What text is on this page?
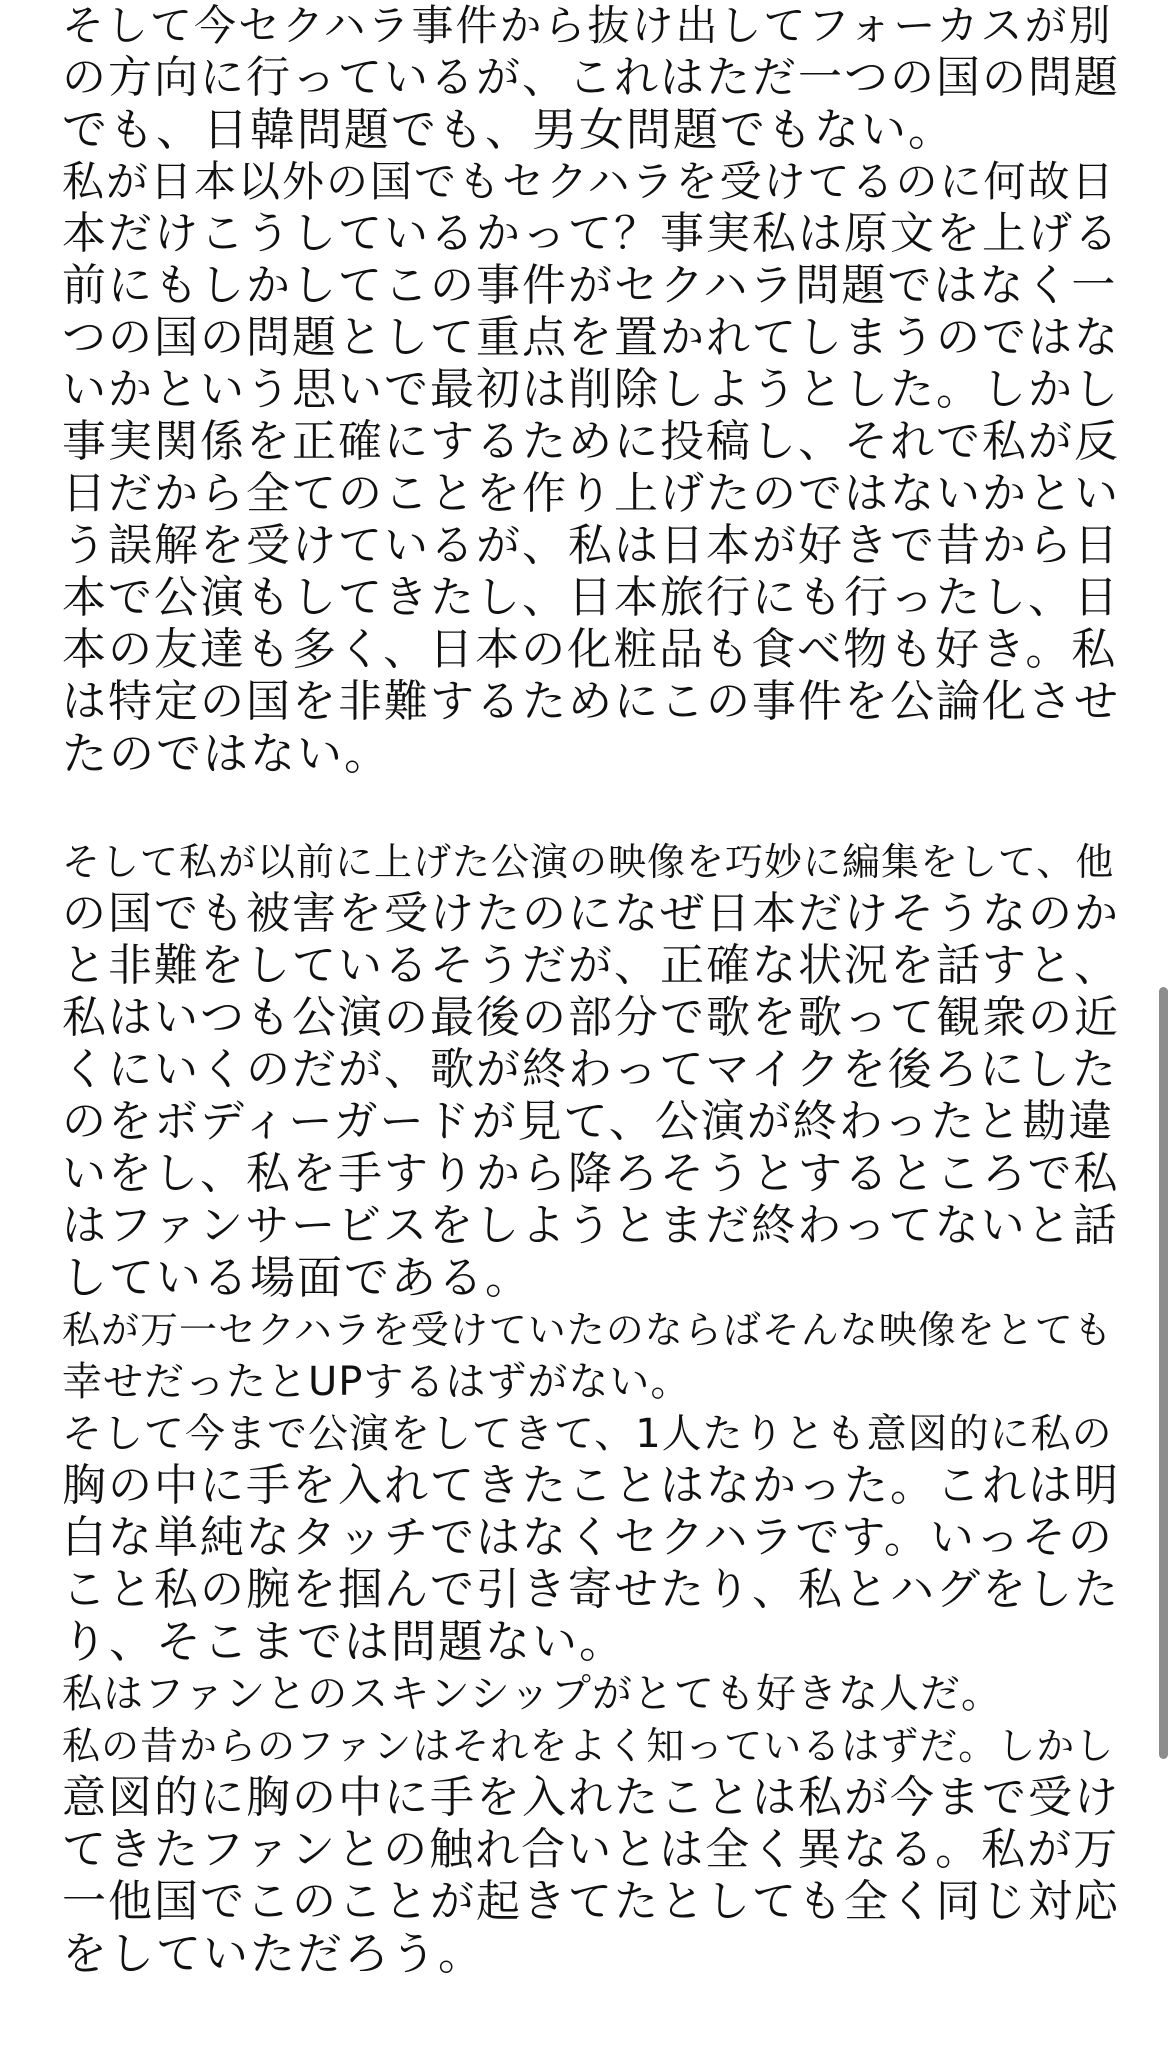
そして今セクハラ事件から抜け出してフォーカスが別
の方向に行っているが、これはただ一つの国の問題
でも、日韓問題でも、男女問題でもない。
私が日本以外の国でもセクハラを受けてるのに何故日
本だけこうしているかって？事実私は原文を上げる
前にもしかしてこの事件がセクハラ問題ではなく一
つの国の問題として重点を置かれてしまうのではな
いかという思いで最初は削除しようとした。しかし
事実関係を正確にするために投稿し、それで私が反
日だから全てのことを作り上げたのではないかとい
う誤解を受けているが、私は日本が好きで昔から日
本で公演もしてきたし、日本旅行にも行ったし、日
本の友達も多く、日本の化粧品も食べ物も好き。私
は特定の国を非難するためにこの事件を公論化させ
たのではない。
そして私が以前に上げた公演の映像を巧妙に編集をして、他
の国でも被害を受けたのになぜ日本だけそうなのか
と非難をしているそうだが、正確な状況を話すと、
私はいつも公演の最後の部分で歌を歌って観衆の近
くにいくのだが、歌が終わってマイクを後ろにした
のをボディーガードが見て、公演が終わったと勘違
いをし、私を手すりから降ろそうとするところで私
はファンサービスをしようとまだ終わってないと話
している場面である。
私が万一セクハラを受けていたのならばそんな映像をとても
幸せだったとUPするはずがない。
そして今まで公演をしてきて、1人たりとも意図的に私の
胸の中に手を入れてきたことはなかった。これは明
白な単純なタッチではなくセクハラです。いっその
こと私の腕を掴んで引き寄せたり、私とハグをした
り、そこまでは問題ない。
私はファンとのスキンシップがとても好きな人だ。
私の昔からのファンはそれをよく知っているはずだ。しかし
意図的に胸の中に手を入れたことは私が今まで受け
てきたファンとの触れ合いとは全く異なる。私が万
一他国でこのことが起きてたとしても全く同じ対応
をしていただろう。
